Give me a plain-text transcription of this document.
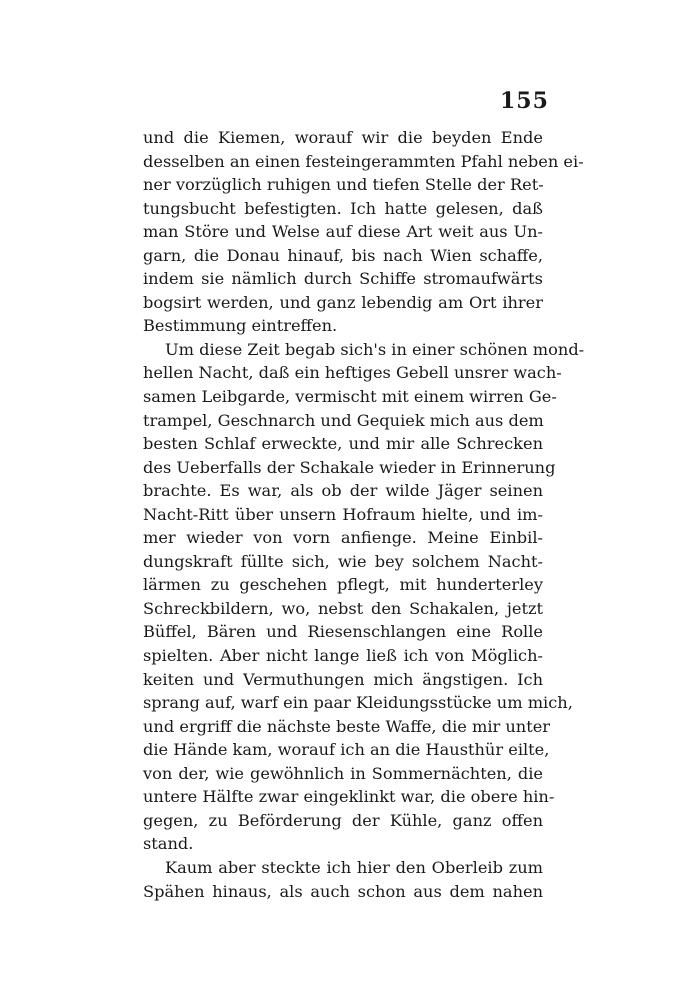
155
und die Kiemen, worauf wir die beyden Ende
desselben an einen festeingerammten Pfahl neben ei-
ner vorzüglich ruhigen und tiefen Stelle der Ret-
tungsbucht befestigten. Ich hatte gelesen, daß
man Störe und Welse auf diese Art weit aus Un-
garn, die Donau hinauf, bis nach Wien schaffe,
indem sie nämlich durch Schiffe stromaufwärts
bogsirt werden, und ganz lebendig am Ort ihrer
Bestimmung eintreffen.
Um diese Zeit begab sich's in einer schönen mond-
hellen Nacht, daß ein heftiges Gebell unsrer wach-
samen Leibgarde, vermischt mit einem wirren Ge-
trampel, Geschnarch und Gequiek mich aus dem
besten Schlaf erweckte, und mir alle Schrecken
des Ueberfalls der Schakale wieder in Erinnerung
brachte. Es war, als ob der wilde Jäger seinen
Nacht-Ritt über unsern Hofraum hielte, und im-
mer wieder von vorn anfienge. Meine Einbil-
dungskraft füllte sich, wie bey solchem Nacht-
lärmen zu geschehen pflegt, mit hunderterley
Schreckbildern, wo, nebst den Schakalen, jetzt
Büffel, Bären und Riesenschlangen eine Rolle
spielten. Aber nicht lange ließ ich von Möglich-
keiten und Vermuthungen mich ängstigen. Ich
sprang auf, warf ein paar Kleidungsstücke um mich,
und ergriff die nächste beste Waffe, die mir unter
die Hände kam, worauf ich an die Hausthür eilte,
von der, wie gewöhnlich in Sommernächten, die
untere Hälfte zwar eingeklinkt war, die obere hin-
gegen, zu Beförderung der Kühle, ganz offen
stand.
Kaum aber steckte ich hier den Oberleib zum
Spähen hinaus, als auch schon aus dem nahen
